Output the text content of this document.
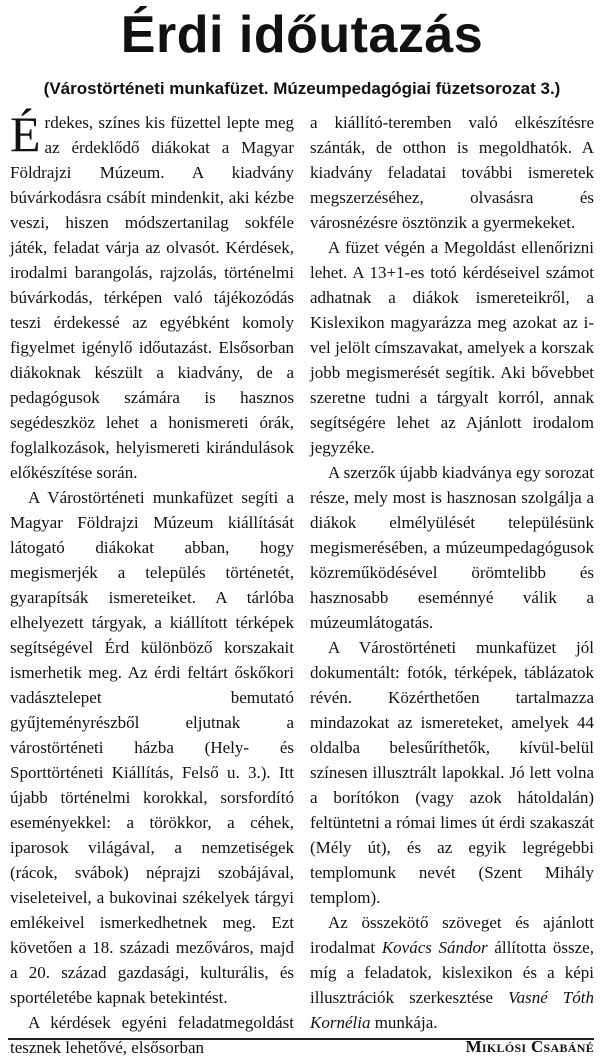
Érdi időutazás
(Várostörténeti munkafüzet. Múzeumpedagógiai füzetsorozat 3.)

Érdekes, színes kis füzettel lepte meg az érdeklődő diákokat a Magyar Földrajzi Múzeum. A kiadvány búvárkodásra csábít mindenkit, aki kézbe veszi, hiszen módszertanilag sokféle játék, feladat várja az olvasót. Kérdések, irodalmi barangolás, rajzolás, történelmi búvárkodás, térképen való tájékozódás teszi érdekessé az egyébként komoly figyelmet igénylő időutazást. Elsősorban diákoknak készült a kiadvány, de a pedagógusok számára is hasznos segédeszköz lehet a honismereti órák, foglalkozások, helyismereti kirándulások előkészítése során.

A Várostörténeti munkafüzet segíti a Magyar Földrajzi Múzeum kiállítását látogató diákokat abban, hogy megismerjék a település történetét, gyarapítsák ismereteiket. A tárlóba elhelyezett tárgyak, a kiállított térképek segítségével Érd különböző korszakait ismerhetik meg. Az érdi feltárt őskőkori vadásztelepet bemutató gyűjteményrészből eljutnak a várostörténeti házba (Hely- és Sporttörténeti Kiállítás, Felső u. 3.). Itt újabb történelmi korokkal, sorsfordító eseményekkel: a törökkor, a céhek, iparosok világával, a nemzetiségek (rácok, svábok) néprajzi szobájával, viseleteivel, a bukovinai székelyek tárgyi emlékeivel ismerkedhetnek meg. Ezt követően a 18. századi mezőváros, majd a 20. század gazdasági, kulturális, és sportéletébe kapnak betekintést.

A kérdések egyéni feladatmegoldást tesznek lehetővé, elsősorban

a kiállító-teremben való elkészítésre szánták, de otthon is megoldhatók. A kiadvány feladatai további ismeretek megszerzéséhez, olvasásra és városnézésre ösztönzik a gyermekeket.

A füzet végén a Megoldást ellenőrizni lehet. A 13+1-es totó kérdéseivel számot adhatnak a diákok ismereteikről, a Kislexikon magyarázza meg azokat az i-vel jelölt címszavakat, amelyek a korszak jobb megismerését segítik. Aki bővebbet szeretne tudni a tárgyalt korról, annak segítségére lehet az Ajánlott irodalom jegyzéke.

A szerzők újabb kiadványa egy sorozat része, mely most is hasznosan szolgálja a diákok elmélyülését településünk megismerésében, a múzeumpedagógusok közreműködésével örömtelibb és hasznosabb eseménnyé válik a múzeumlátogatás.

A Várostörténeti munkafüzet jól dokumentált: fotók, térképek, táblázatok révén. Közérthetően tartalmazza mindazokat az ismereteket, amelyek 44 oldalba belesűríthetők, kívül-belül színesen illusztrált lapokkal. Jó lett volna a borítókon (vagy azok hátoldalán) feltüntetni a római limes út érdi szakaszát (Mély út), és az egyik legrégebbi templomunk nevét (Szent Mihály templom).

Az összekötő szöveget és ajánlott irodalmat Kovács Sándor állította össze, míg a feladatok, kislexikon és a képi illusztrációk szerkesztése Vasné Tóth Kornélia munkája.

Miklósi Csabáné
